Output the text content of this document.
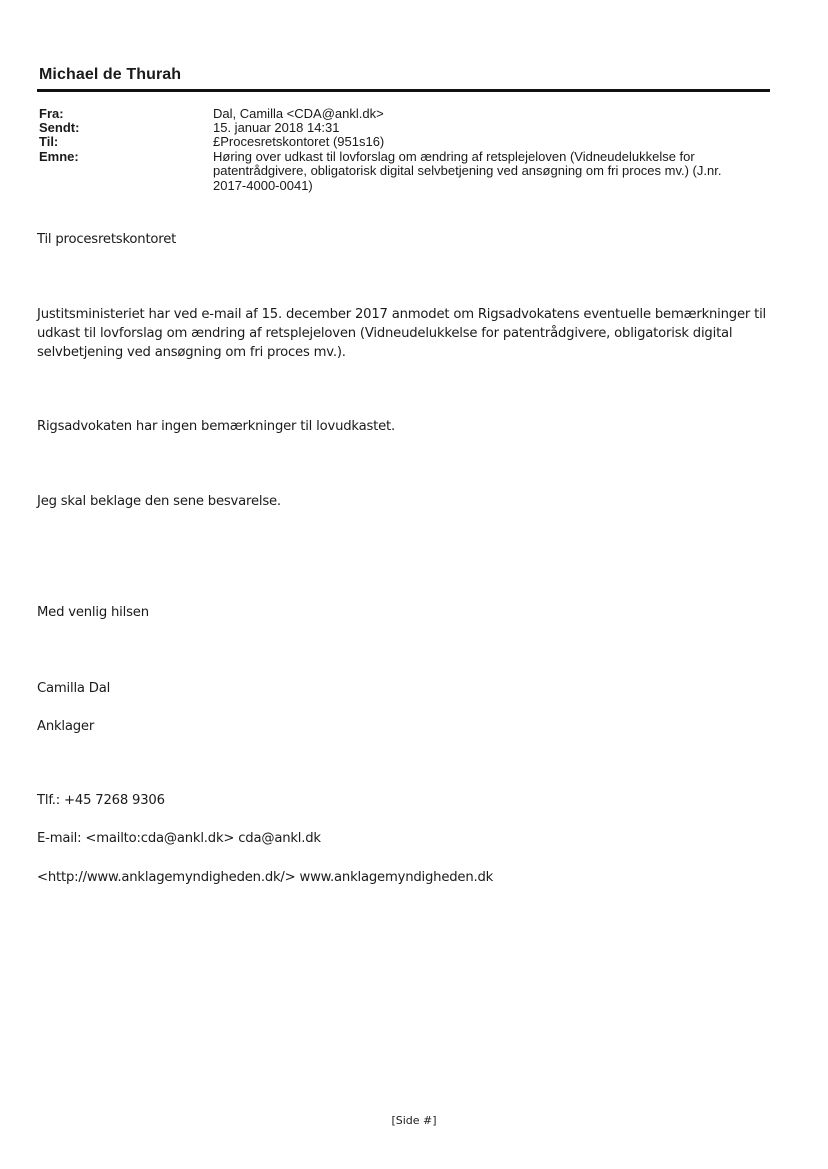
Michael de Thurah
Fra:	Dal, Camilla <CDA@ankl.dk>
Sendt:	15. januar 2018 14:31
Til:	£Procesretskontoret (951s16)
Emne:	Høring over udkast til lovforslag om ændring af retsplejeloven (Vidneudelukkelse for
patentrådgivere, obligatorisk digital selvbetjening ved ansøgning om fri proces mv.) (J.nr.
2017-4000-0041)
Til procesretskontoret
Justitsministeriet har ved e-mail af 15. december 2017 anmodet om Rigsadvokatens eventuelle bemærkninger til
udkast til lovforslag om ændring af retsplejeloven (Vidneudelukkelse for patentrådgivere, obligatorisk digital
selvbetjening ved ansøgning om fri proces mv.).
Rigsadvokaten har ingen bemærkninger til lovudkastet.
Jeg skal beklage den sene besvarelse.
Med venlig hilsen
Camilla Dal
Anklager
Tlf.: +45 7268 9306
E-mail: <mailto:cda@ankl.dk> cda@ankl.dk
<http://www.anklagemyndigheden.dk/> www.anklagemyndigheden.dk
[Side #]
